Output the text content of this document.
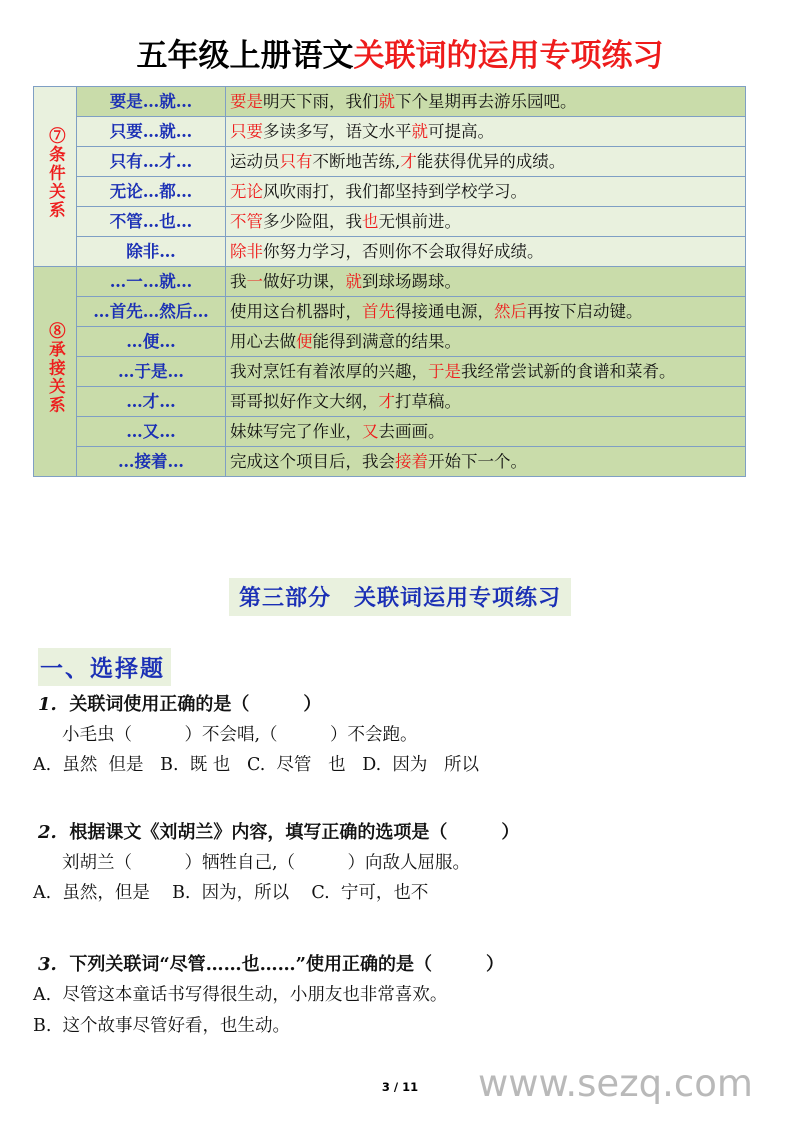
五年级上册语文关联词的运用专项练习
⑦条件关系	要是…就…	要是明天下雨，我们就下个星期再去游乐园吧。
	只要…就…	只要多读多写，语文水平就可提高。
	只有…才…	运动员只有不断地苦练,才能获得优异的成绩。
	无论…都…	无论风吹雨打，我们都坚持到学校学习。
	不管…也…	不管多少险阻，我也无惧前进。
	除非…	除非你努力学习，否则你不会取得好成绩。
⑧承接关系	…一…就…	我一做好功课，就到球场踢球。
	…首先…然后…	使用这台机器时，首先得接通电源，然后再按下启动键。
	…便…	用心去做便能得到满意的结果。
	…于是…	我对烹饪有着浓厚的兴趣，于是我经常尝试新的食谱和菜肴。
	…才…	哥哥拟好作文大纲，才打草稿。
	…又…	妹妹写完了作业，又去画画。
	…接着…	完成这个项目后，我会接着开始下一个。
第三部分　关联词运用专项练习
一、选择题
1.  关联词使用正确的是（　　　）
小毛虫（　　　）不会唱,（　　　）不会跑。
A.  虽然  但是   B.  既 也   C.  尽管   也   D.  因为   所以
2.  根据课文《刘胡兰》内容，填写正确的选项是（　　　）
刘胡兰（　　　）牺牲自己,（　　　）向敌人屈服。
A.  虽然，但是    B.  因为，所以    C.  宁可，也不
3.  下列关联词“尽管……也……”使用正确的是（　　　）
A.  尽管这本童话书写得很生动，小朋友也非常喜欢。
B.  这个故事尽管好看，也生动。
3 / 11	www.sezq.com
